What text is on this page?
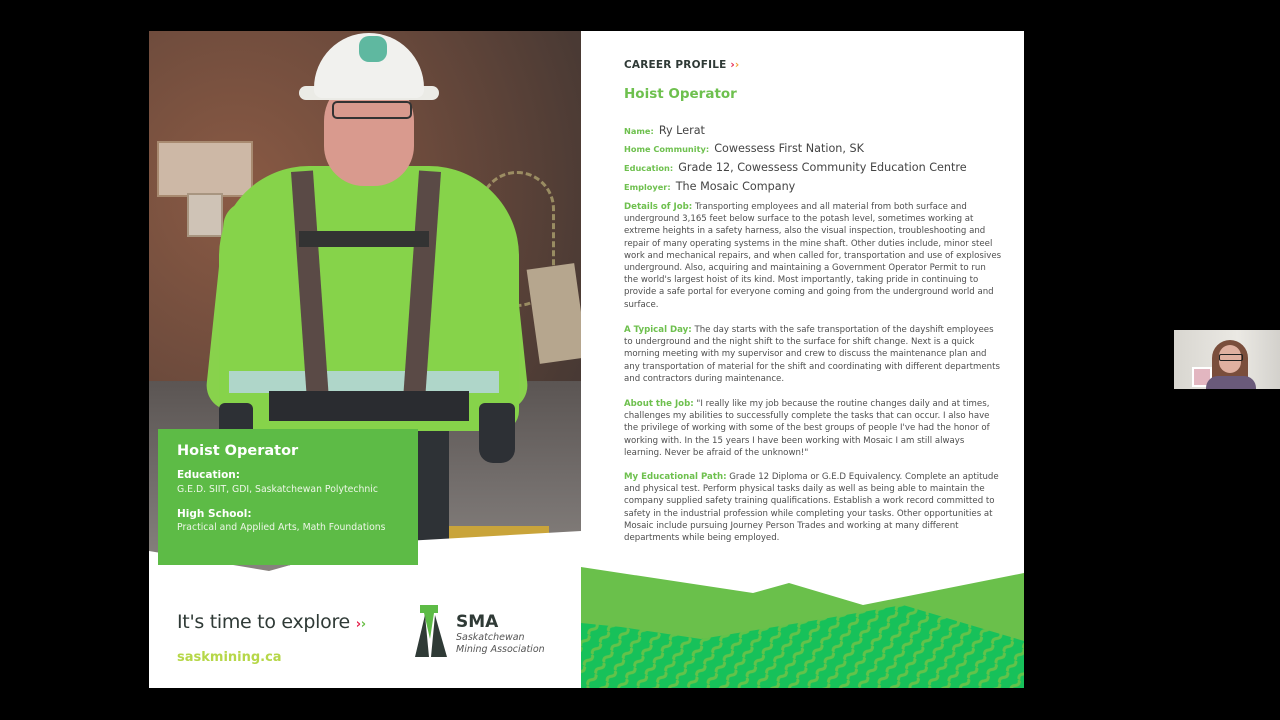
Hoist Operator
Education:
G.E.D. SIIT, GDI, Saskatchewan Polytechnic
High School:
Practical and Applied Arts, Math Foundations
It's time to explore ››
saskmining.ca
SMA
Saskatchewan
Mining Association
CAREER PROFILE ››
Hoist Operator
Name: Ry Lerat
Home Community: Cowessess First Nation, SK
Education: Grade 12, Cowessess Community Education Centre
Employer: The Mosaic Company
Details of Job: Transporting employees and all material from both surface and underground 3,165 feet below surface to the potash level, sometimes working at extreme heights in a safety harness, also the visual inspection, troubleshooting and repair of many operating systems in the mine shaft. Other duties include, minor steel work and mechanical repairs, and when called for, transportation and use of explosives underground. Also, acquiring and maintaining a Government Operator Permit to run the world's largest hoist of its kind. Most importantly, taking pride in continuing to provide a safe portal for everyone coming and going from the underground world and surface.
A Typical Day: The day starts with the safe transportation of the dayshift employees to underground and the night shift to the surface for shift change. Next is a quick morning meeting with my supervisor and crew to discuss the maintenance plan and any transportation of material for the shift and coordinating with different departments and contractors during maintenance.
About the Job: "I really like my job because the routine changes daily and at times, challenges my abilities to successfully complete the tasks that can occur. I also have the privilege of working with some of the best groups of people I've had the honor of working with. In the 15 years I have been working with Mosaic I am still always learning. Never be afraid of the unknown!"
My Educational Path: Grade 12 Diploma or G.E.D Equivalency. Complete an aptitude and physical test. Perform physical tasks daily as well as being able to maintain the company supplied safety training qualifications. Establish a work record committed to safety in the industrial profession while completing your tasks. Other opportunities at Mosaic include pursuing Journey Person Trades and working at many different departments while being employed.
